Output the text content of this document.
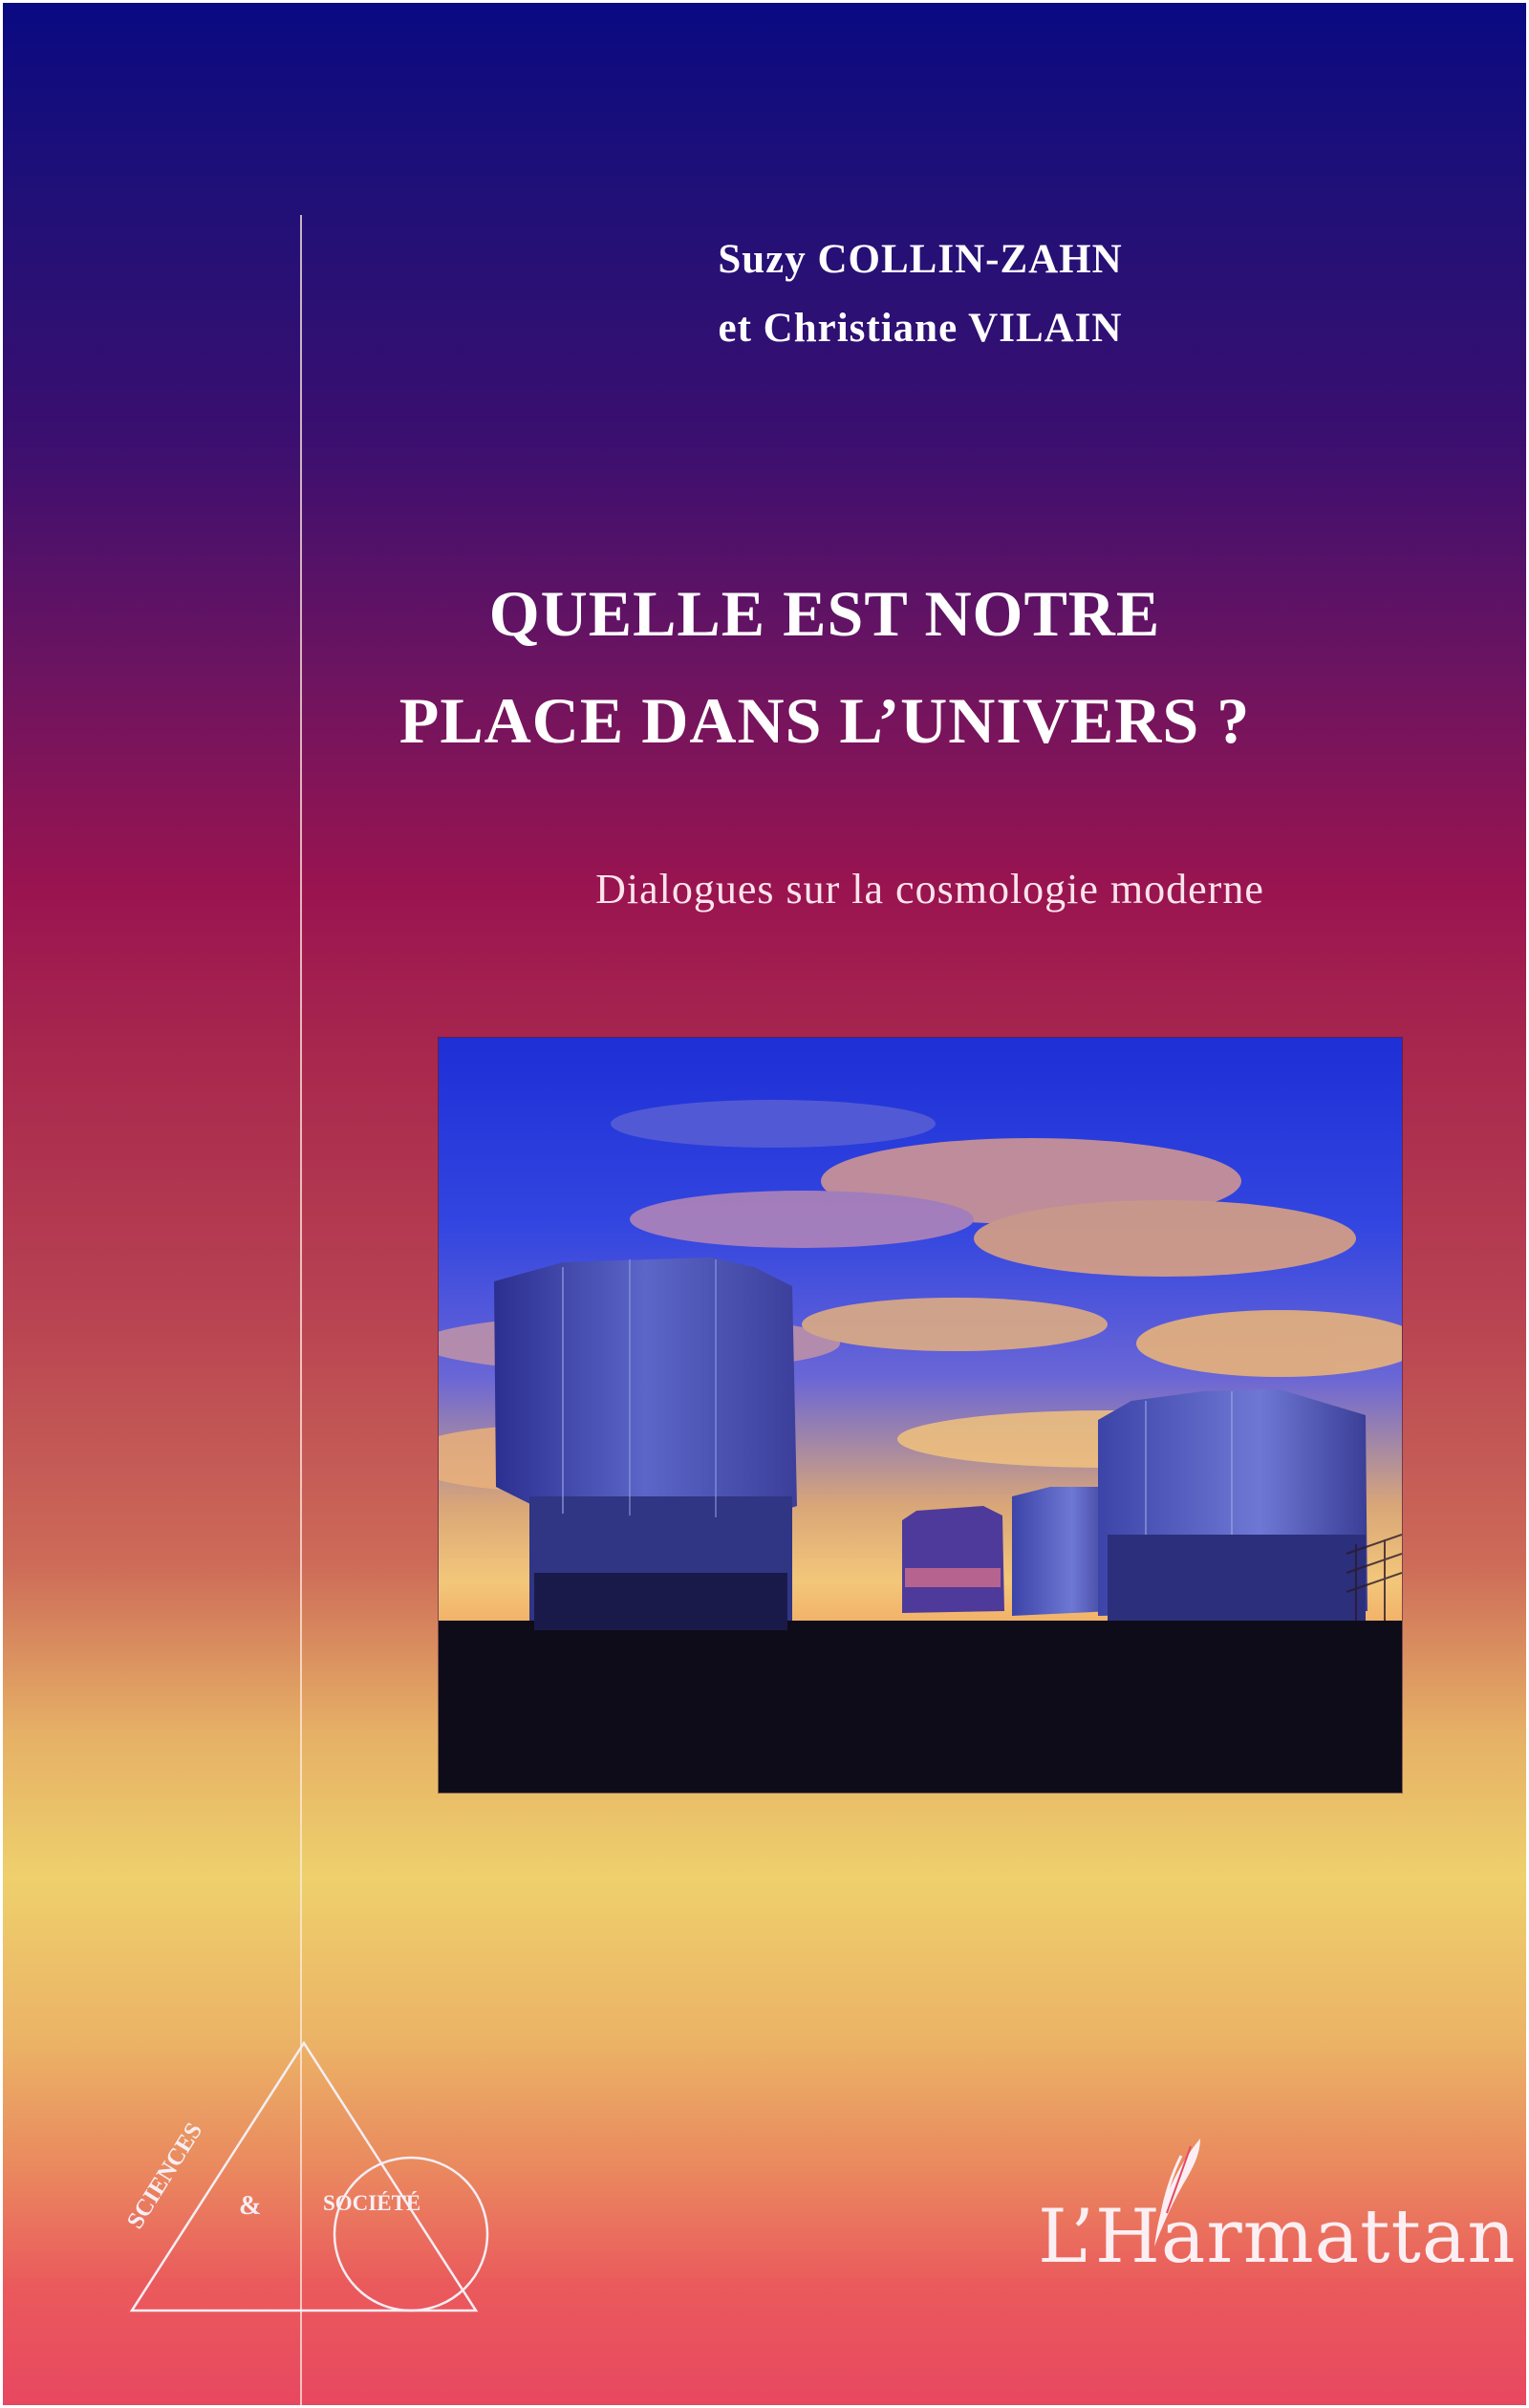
Suzy COLLIN-ZAHN
et Christiane VILAIN
QUELLE EST NOTRE
PLACE DANS L’UNIVERS ?
Dialogues sur la cosmologie moderne
SCIENCES &	SOCIÉTÉ	L’Harmattan
